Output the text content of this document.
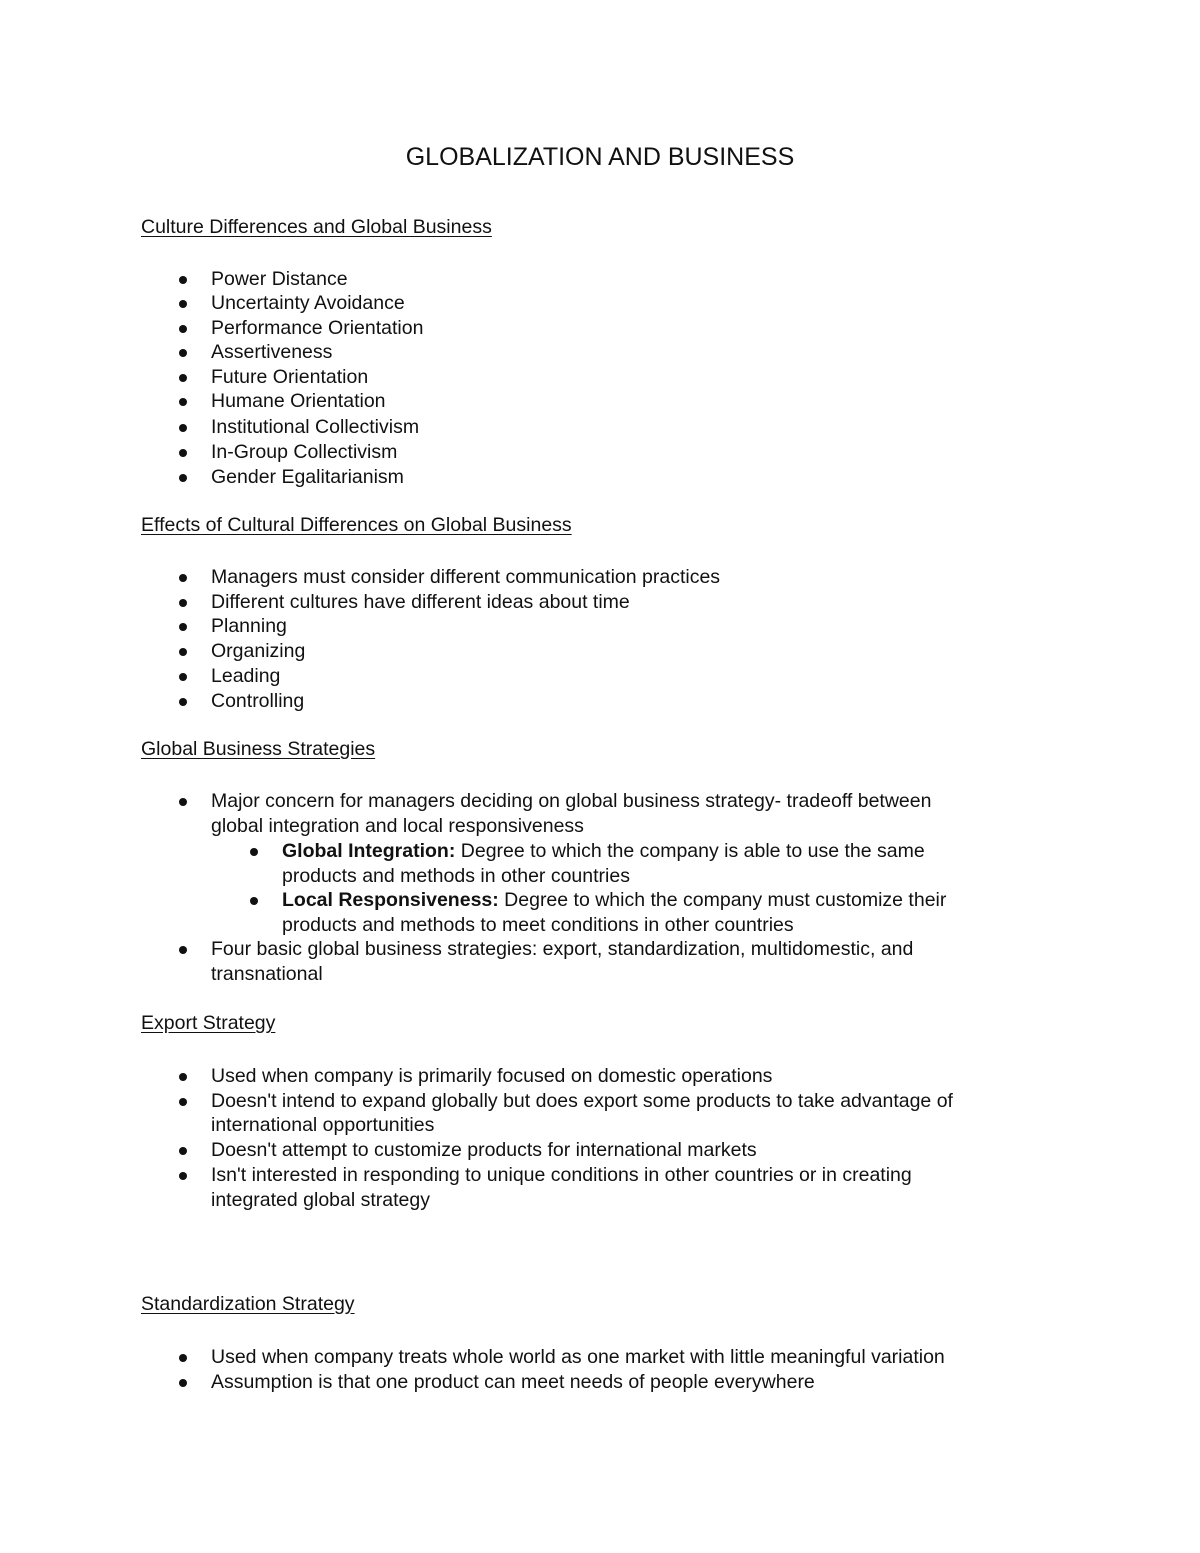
GLOBALIZATION AND BUSINESS
Culture Differences and Global Business
Power Distance
Uncertainty Avoidance
Performance Orientation
Assertiveness
Future Orientation
Humane Orientation
Institutional Collectivism
In-Group Collectivism
Gender Egalitarianism
Effects of Cultural Differences on Global Business
Managers must consider different communication practices
Different cultures have different ideas about time
Planning
Organizing
Leading
Controlling
Global Business Strategies
Major concern for managers deciding on global business strategy- tradeoff between
global integration and local responsiveness
Global Integration: Degree to which the company is able to use the same
products and methods in other countries
Local Responsiveness: Degree to which the company must customize their
products and methods to meet conditions in other countries
Four basic global business strategies: export, standardization, multidomestic, and
transnational
Export Strategy
Used when company is primarily focused on domestic operations
Doesn't intend to expand globally but does export some products to take advantage of
international opportunities
Doesn't attempt to customize products for international markets
Isn't interested in responding to unique conditions in other countries or in creating
integrated global strategy
Standardization Strategy
Used when company treats whole world as one market with little meaningful variation
Assumption is that one product can meet needs of people everywhere
